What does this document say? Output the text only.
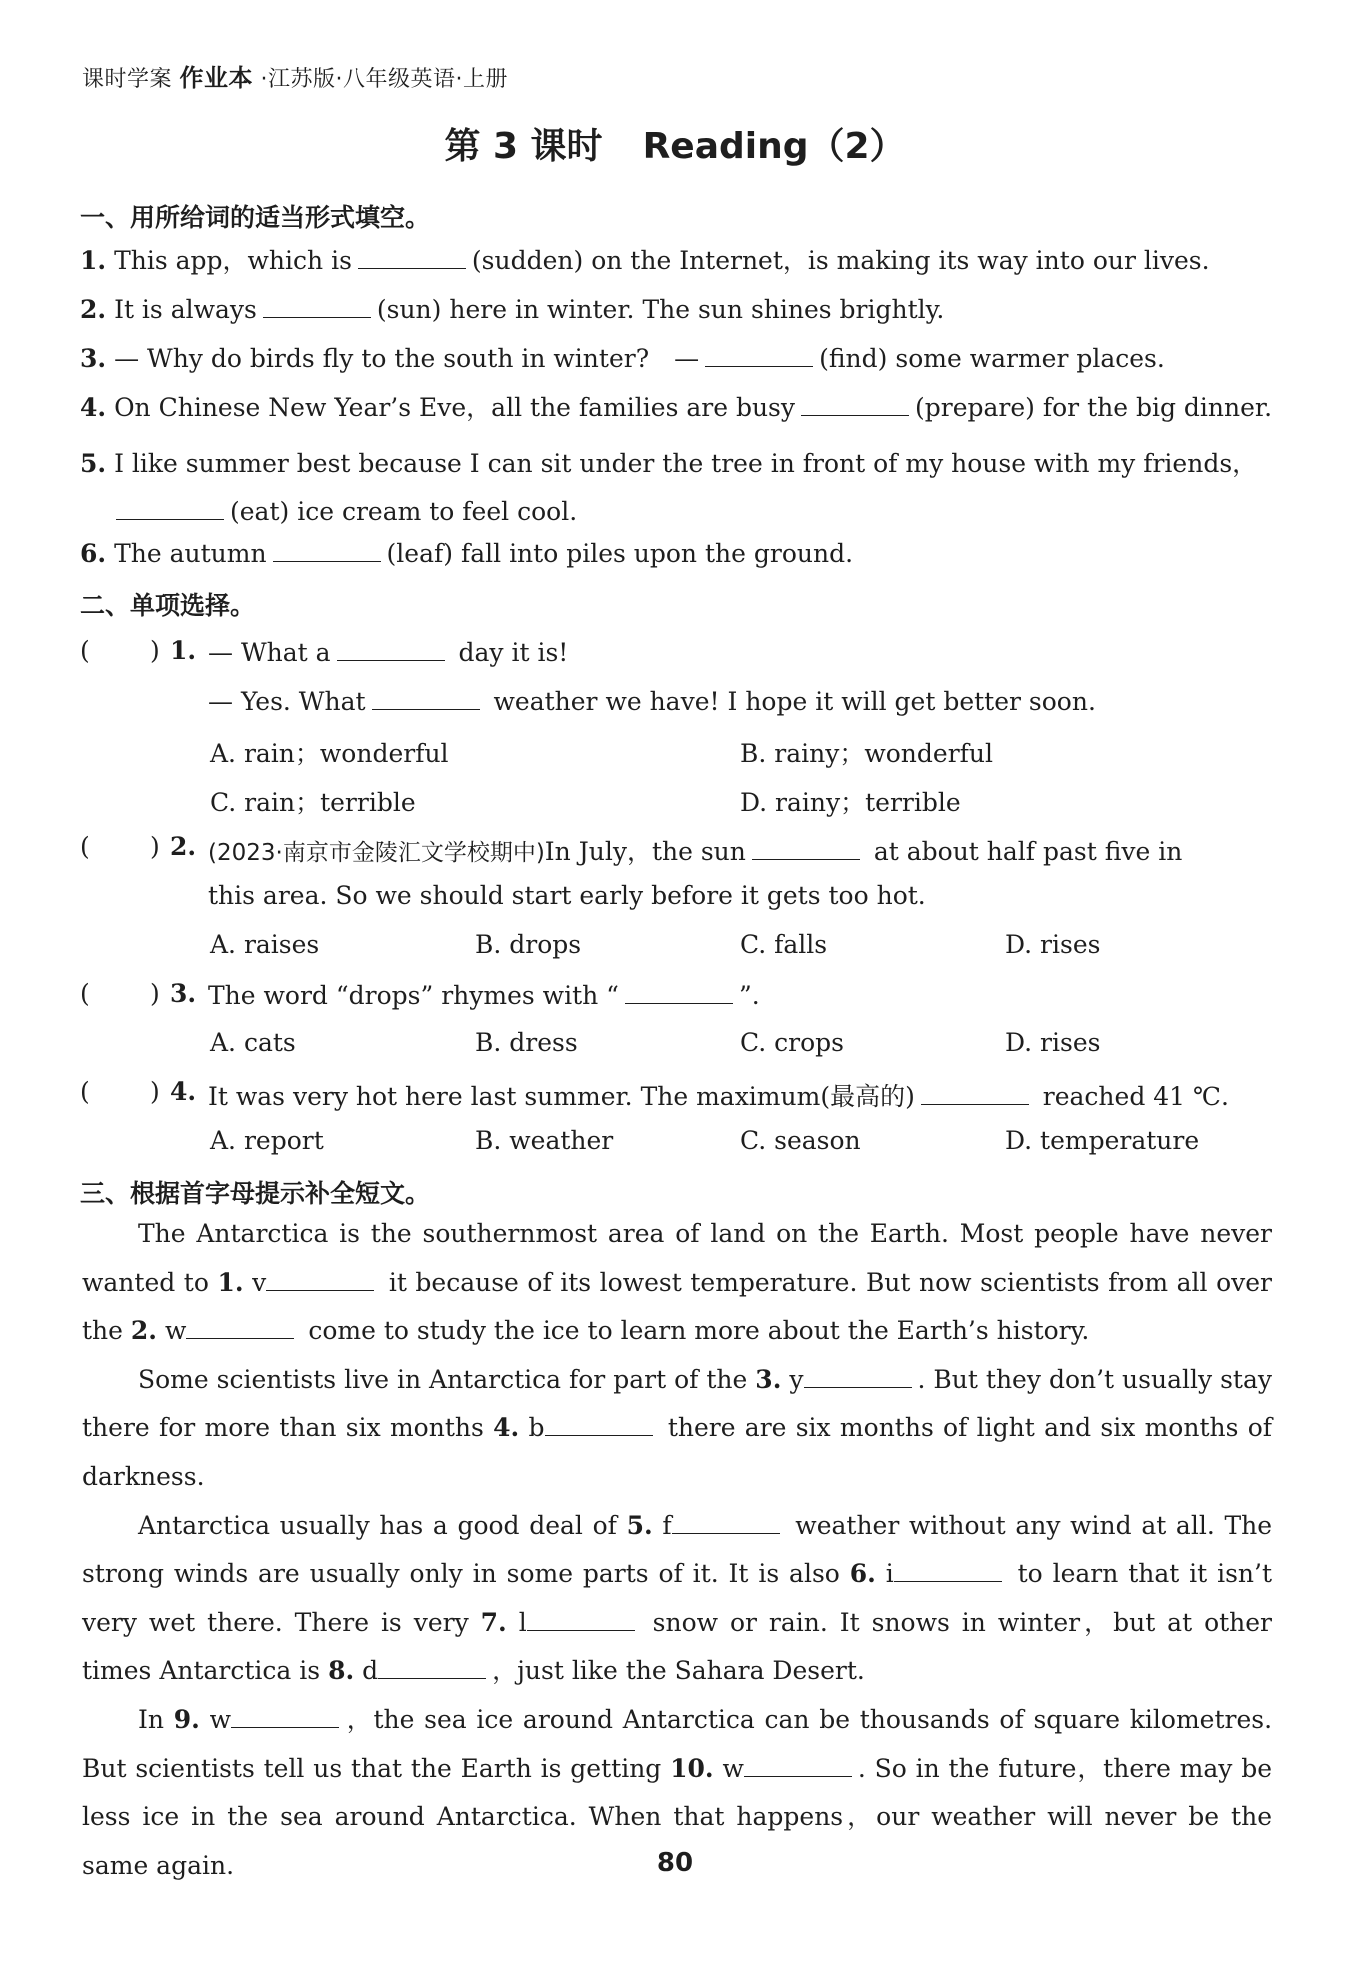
课时学案 作业本 ·江苏版·八年级英语·上册
第 3 课时 Reading（2）
一、用所给词的适当形式填空。
1. This app，which is	(sudden) on the Internet，is making its way into our lives.
2. It is always	(sun) here in winter. The sun shines brightly.
3. — Why do birds fly to the south in winter?　—	(find) some warmer places.
4. On Chinese New Year’s Eve，all the families are busy	(prepare) for the big dinner.
5. I like summer best because I can sit under the tree in front of my house with my friends，
(eat) ice cream to feel cool.
6. The autumn	(leaf) fall into piles upon the ground.
二、单项选择。
( ) 1. — What a	day it is!
— Yes. What	weather we have! I hope it will get better soon.
A. rain；wonderful	B. rainy；wonderful
C. rain；terrible	D. rainy；terrible
( ) 2. (2023·南京市金陵汇文学校期中)In July，the sun	at about half past five in
this area. So we should start early before it gets too hot.
A. raises	B. drops	C. falls	D. rises
( ) 3. The word “drops” rhymes with “	”.
A. cats	B. dress	C. crops	D. rises
( ) 4. It was very hot here last summer. The maximum(最高的)	reached 41 ℃.
A. report	B. weather	C. season	D. temperature
三、根据首字母提示补全短文。

The Antarctica is the southernmost area of land on the Earth. Most people have never wanted to 1. v	it because of its lowest temperature. But now scientists from all over the 2. w	come to study the ice to learn more about the Earth’s history.

Some scientists live in Antarctica for part of the 3. y	. But they don’t usually stay there for more than six months 4. b	there are six months of light and six months of darkness.

Antarctica usually has a good deal of 5. f	weather without any wind at all. The strong winds are usually only in some parts of it. It is also 6. i	to learn that it isn’t very wet there. There is very 7. l	snow or rain. It snows in winter，but at other times Antarctica is 8. d	，just like the Sahara Desert.

In 9. w	，the sea ice around Antarctica can be thousands of square kilometres. But scientists tell us that the Earth is getting 10. w	. So in the future，there may be less ice in the sea around Antarctica. When that happens，our weather will never be the same again.	80
